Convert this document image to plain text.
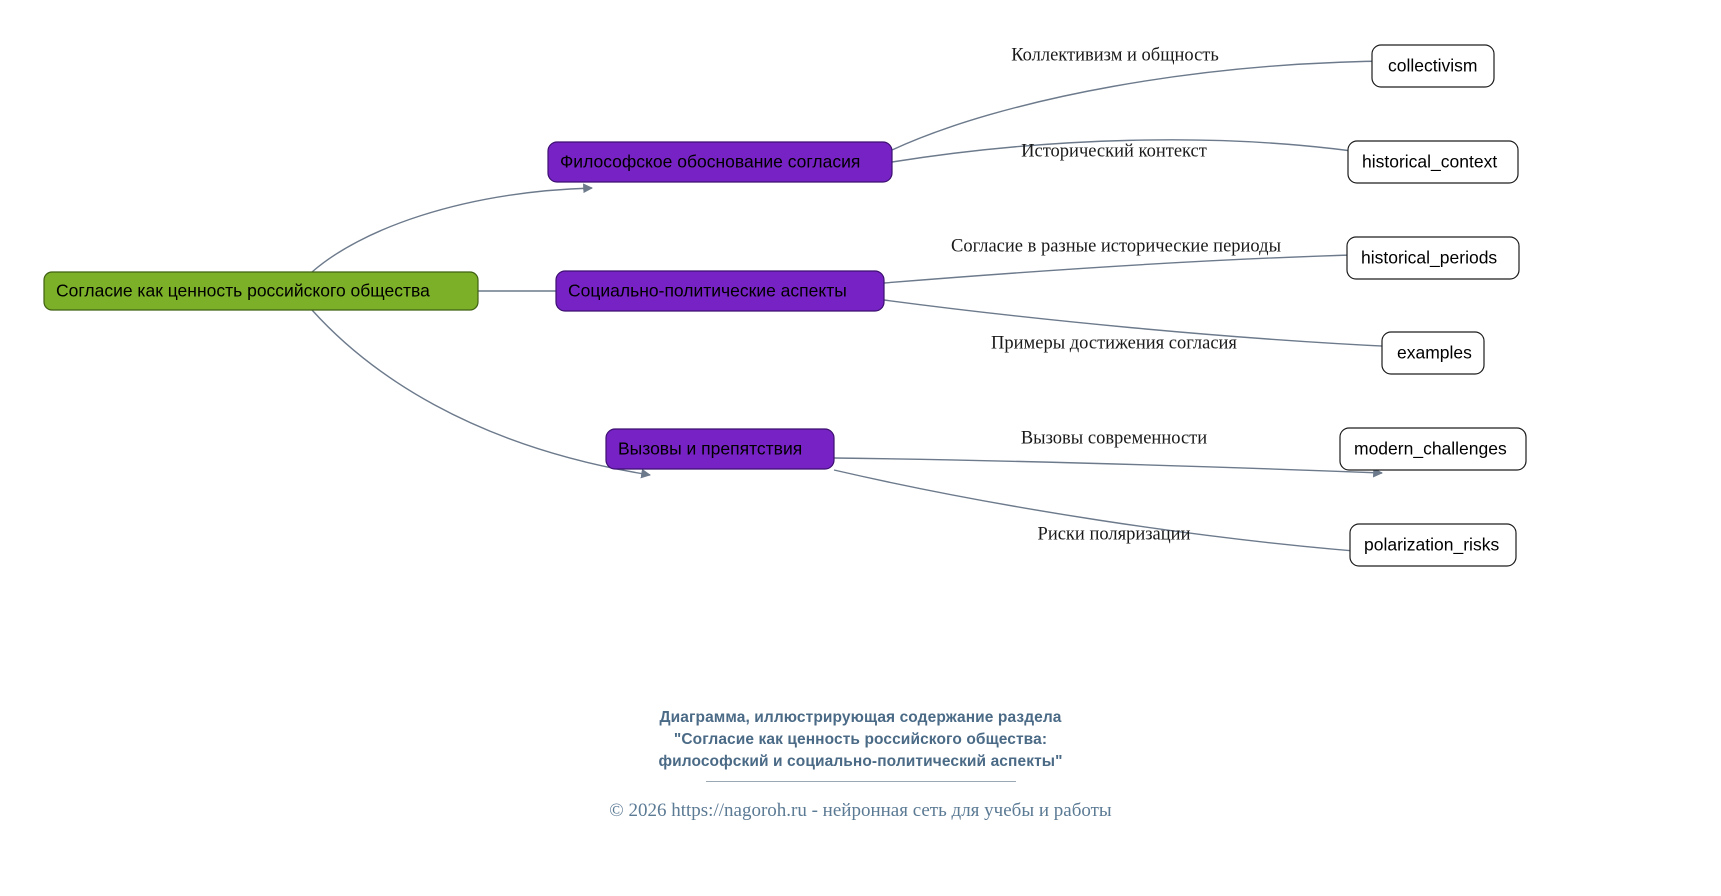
Коллективизм и общность
Исторический контекст
Согласие в разные исторические периоды
Примеры достижения согласия
Вызовы современности
Риски поляризации
Согласие как ценность российского общества
Философское обоснование согласия
Социально-политические аспекты
Вызовы и препятствия
collectivism
historical_context
historical_periods
examples
modern_challenges
polarization_risks
Диаграмма, иллюстрирующая содержание раздела
"Согласие как ценность российского общества:
философский и социально-политический аспекты"
© 2026 https://nagoroh.ru - нейронная сеть для учебы и работы
